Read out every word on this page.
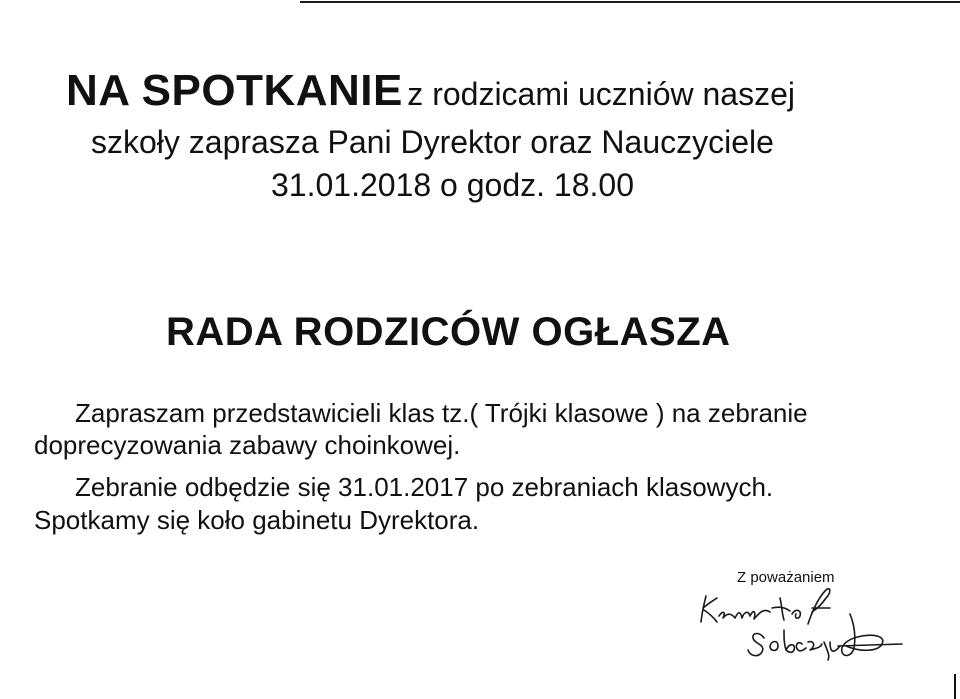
NA SPOTKANIE z rodzicami uczniów naszej
szkoły zaprasza Pani Dyrektor oraz Nauczyciele
31.01.2018 o godz. 18.00
RADA RODZICÓW OGŁASZA
Zapraszam przedstawicieli klas tz.( Trójki klasowe ) na zebranie
doprecyzowania zabawy choinkowej.
Zebranie odbędzie się 31.01.2017 po zebraniach klasowych.
Spotkamy się koło gabinetu Dyrektora.
Z poważaniem
